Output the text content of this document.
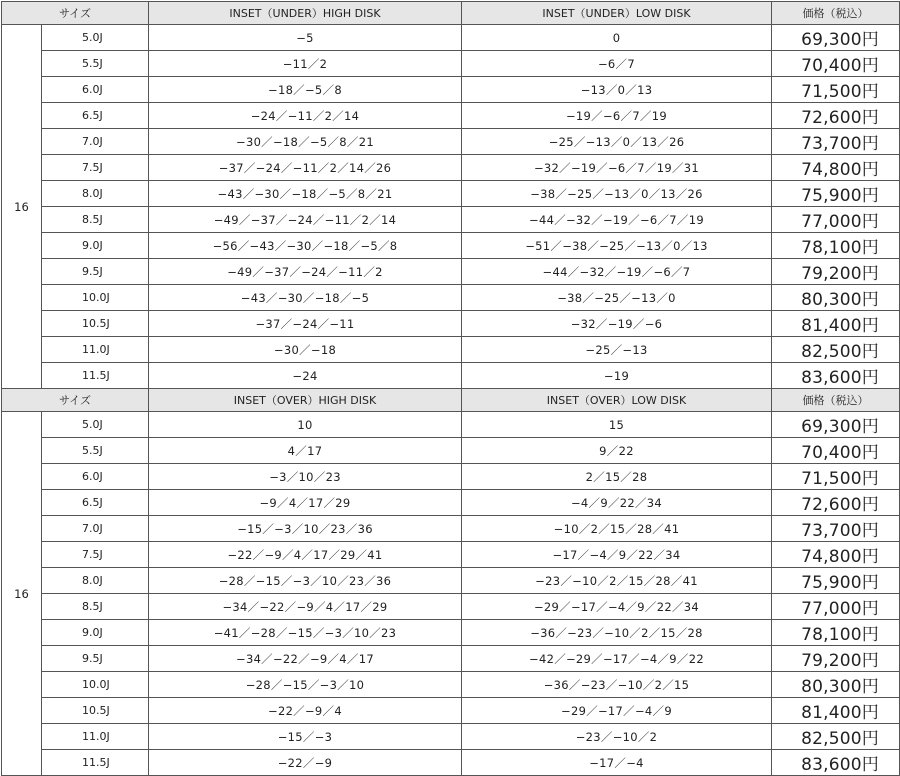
サイズ		INSET（UNDER）HIGH DISK	INSET（UNDER）LOW DISK	価格（税込）
16	5.0J	−5	0	69,300円
	5.5J	−11／2	−6／7	70,400円
	6.0J	−18／−5／8	−13／0／13	71,500円
	6.5J	−24／−11／2／14	−19／−6／7／19	72,600円
	7.0J	−30／−18／−5／8／21	−25／−13／0／13／26	73,700円
	7.5J	−37／−24／−11／2／14／26	−32／−19／−6／7／19／31	74,800円
	8.0J	−43／−30／−18／−5／8／21	−38／−25／−13／0／13／26	75,900円
	8.5J	−49／−37／−24／−11／2／14	−44／−32／−19／−6／7／19	77,000円
	9.0J	−56／−43／−30／−18／−5／8	−51／−38／−25／−13／0／13	78,100円
	9.5J	−49／−37／−24／−11／2	−44／−32／−19／−6／7	79,200円
	10.0J	−43／−30／−18／−5	−38／−25／−13／0	80,300円
	10.5J	−37／−24／−11	−32／−19／−6	81,400円
	11.0J	−30／−18	−25／−13	82,500円
	11.5J	−24	−19	83,600円
サイズ		INSET（OVER）HIGH DISK	INSET（OVER）LOW DISK	価格（税込）
16	5.0J	10	15	69,300円
	5.5J	4／17	9／22	70,400円
	6.0J	−3／10／23	2／15／28	71,500円
	6.5J	−9／4／17／29	−4／9／22／34	72,600円
	7.0J	−15／−3／10／23／36	−10／2／15／28／41	73,700円
	7.5J	−22／−9／4／17／29／41	−17／−4／9／22／34	74,800円
	8.0J	−28／−15／−3／10／23／36	−23／−10／2／15／28／41	75,900円
	8.5J	−34／−22／−9／4／17／29	−29／−17／−4／9／22／34	77,000円
	9.0J	−41／−28／−15／−3／10／23	−36／−23／−10／2／15／28	78,100円
	9.5J	−34／−22／−9／4／17	−42／−29／−17／−4／9／22	79,200円
	10.0J	−28／−15／−3／10	−36／−23／−10／2／15	80,300円
	10.5J	−22／−9／4	−29／−17／−4／9	81,400円
	11.0J	−15／−3	−23／−10／2	82,500円
	11.5J	−22／−9	−17／−4	83,600円
